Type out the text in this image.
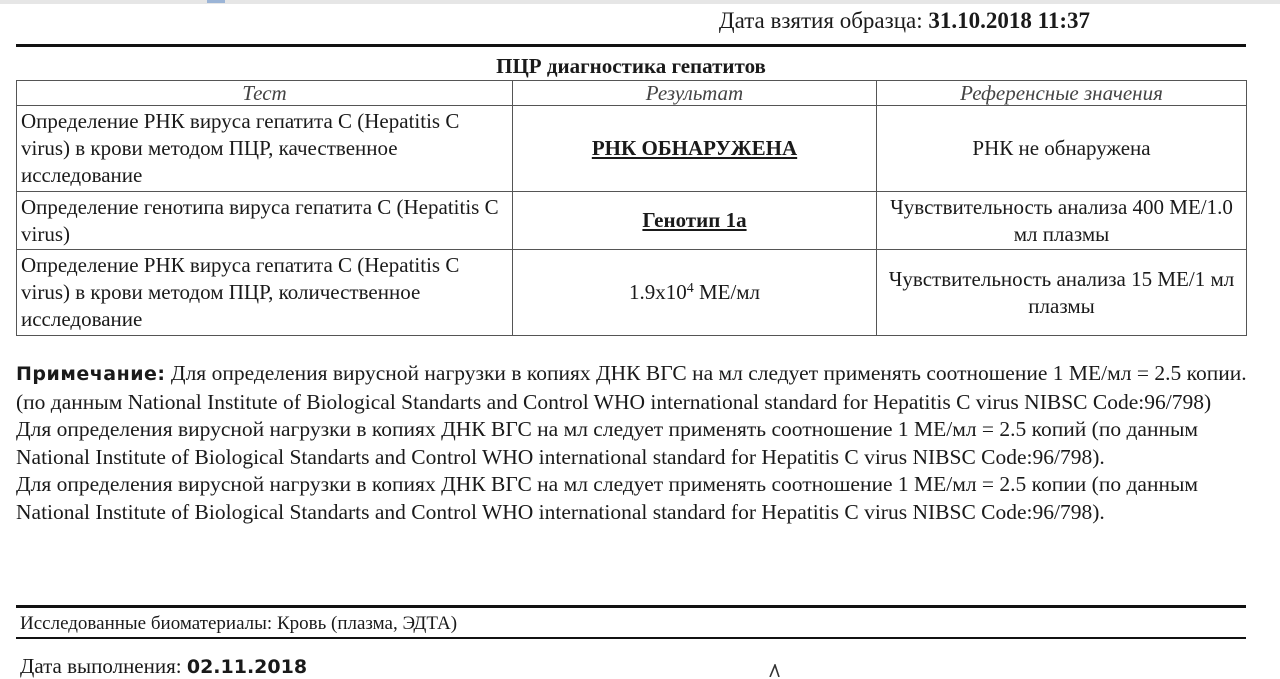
Дата взятия образца: 31.10.2018 11:37
ПЦР диагностика гепатитов
Тест	Результат	Референсные значения
Определение РНК вируса гепатита С (Hepatitis C virus) в крови методом ПЦР, качественное исследование	РНК ОБНАРУЖЕНА	РНК не обнаружена
Определение генотипа вируса гепатита С (Hepatitis C virus)	Генотип 1a	Чувствительность анализа 400 МЕ/1.0 мл плазмы
Определение РНК вируса гепатита С (Hepatitis C virus) в крови методом ПЦР, количественное исследование	$1.9x10^4$ МЕ/мл	Чувствительность анализа 15 МЕ/1 мл плазмы

Примечание: Для определения вирусной нагрузки в копиях ДНК ВГС на мл следует применять соотношение 1 МЕ/мл = 2.5 копии.(по данным National Institute of Biological Standarts and Control WHO international standard for Hepatitis C virus NIBSC Code:96/798)

Для определения вирусной нагрузки в копиях ДНК ВГС на мл следует применять соотношение 1 МЕ/мл = 2.5 копий (по данным National Institute of Biological Standarts and Control WHO international standard for Hepatitis C virus NIBSC Code:96/798).

Для определения вирусной нагрузки в копиях ДНК ВГС на мл следует применять соотношение 1 МЕ/мл = 2.5 копии (по данным National Institute of Biological Standarts and Control WHO international standard for Hepatitis C virus NIBSC Code:96/798).

Исследованные биоматериалы: Кровь (плазма, ЭДТА)
Дата выполнения: 02.11.2018
